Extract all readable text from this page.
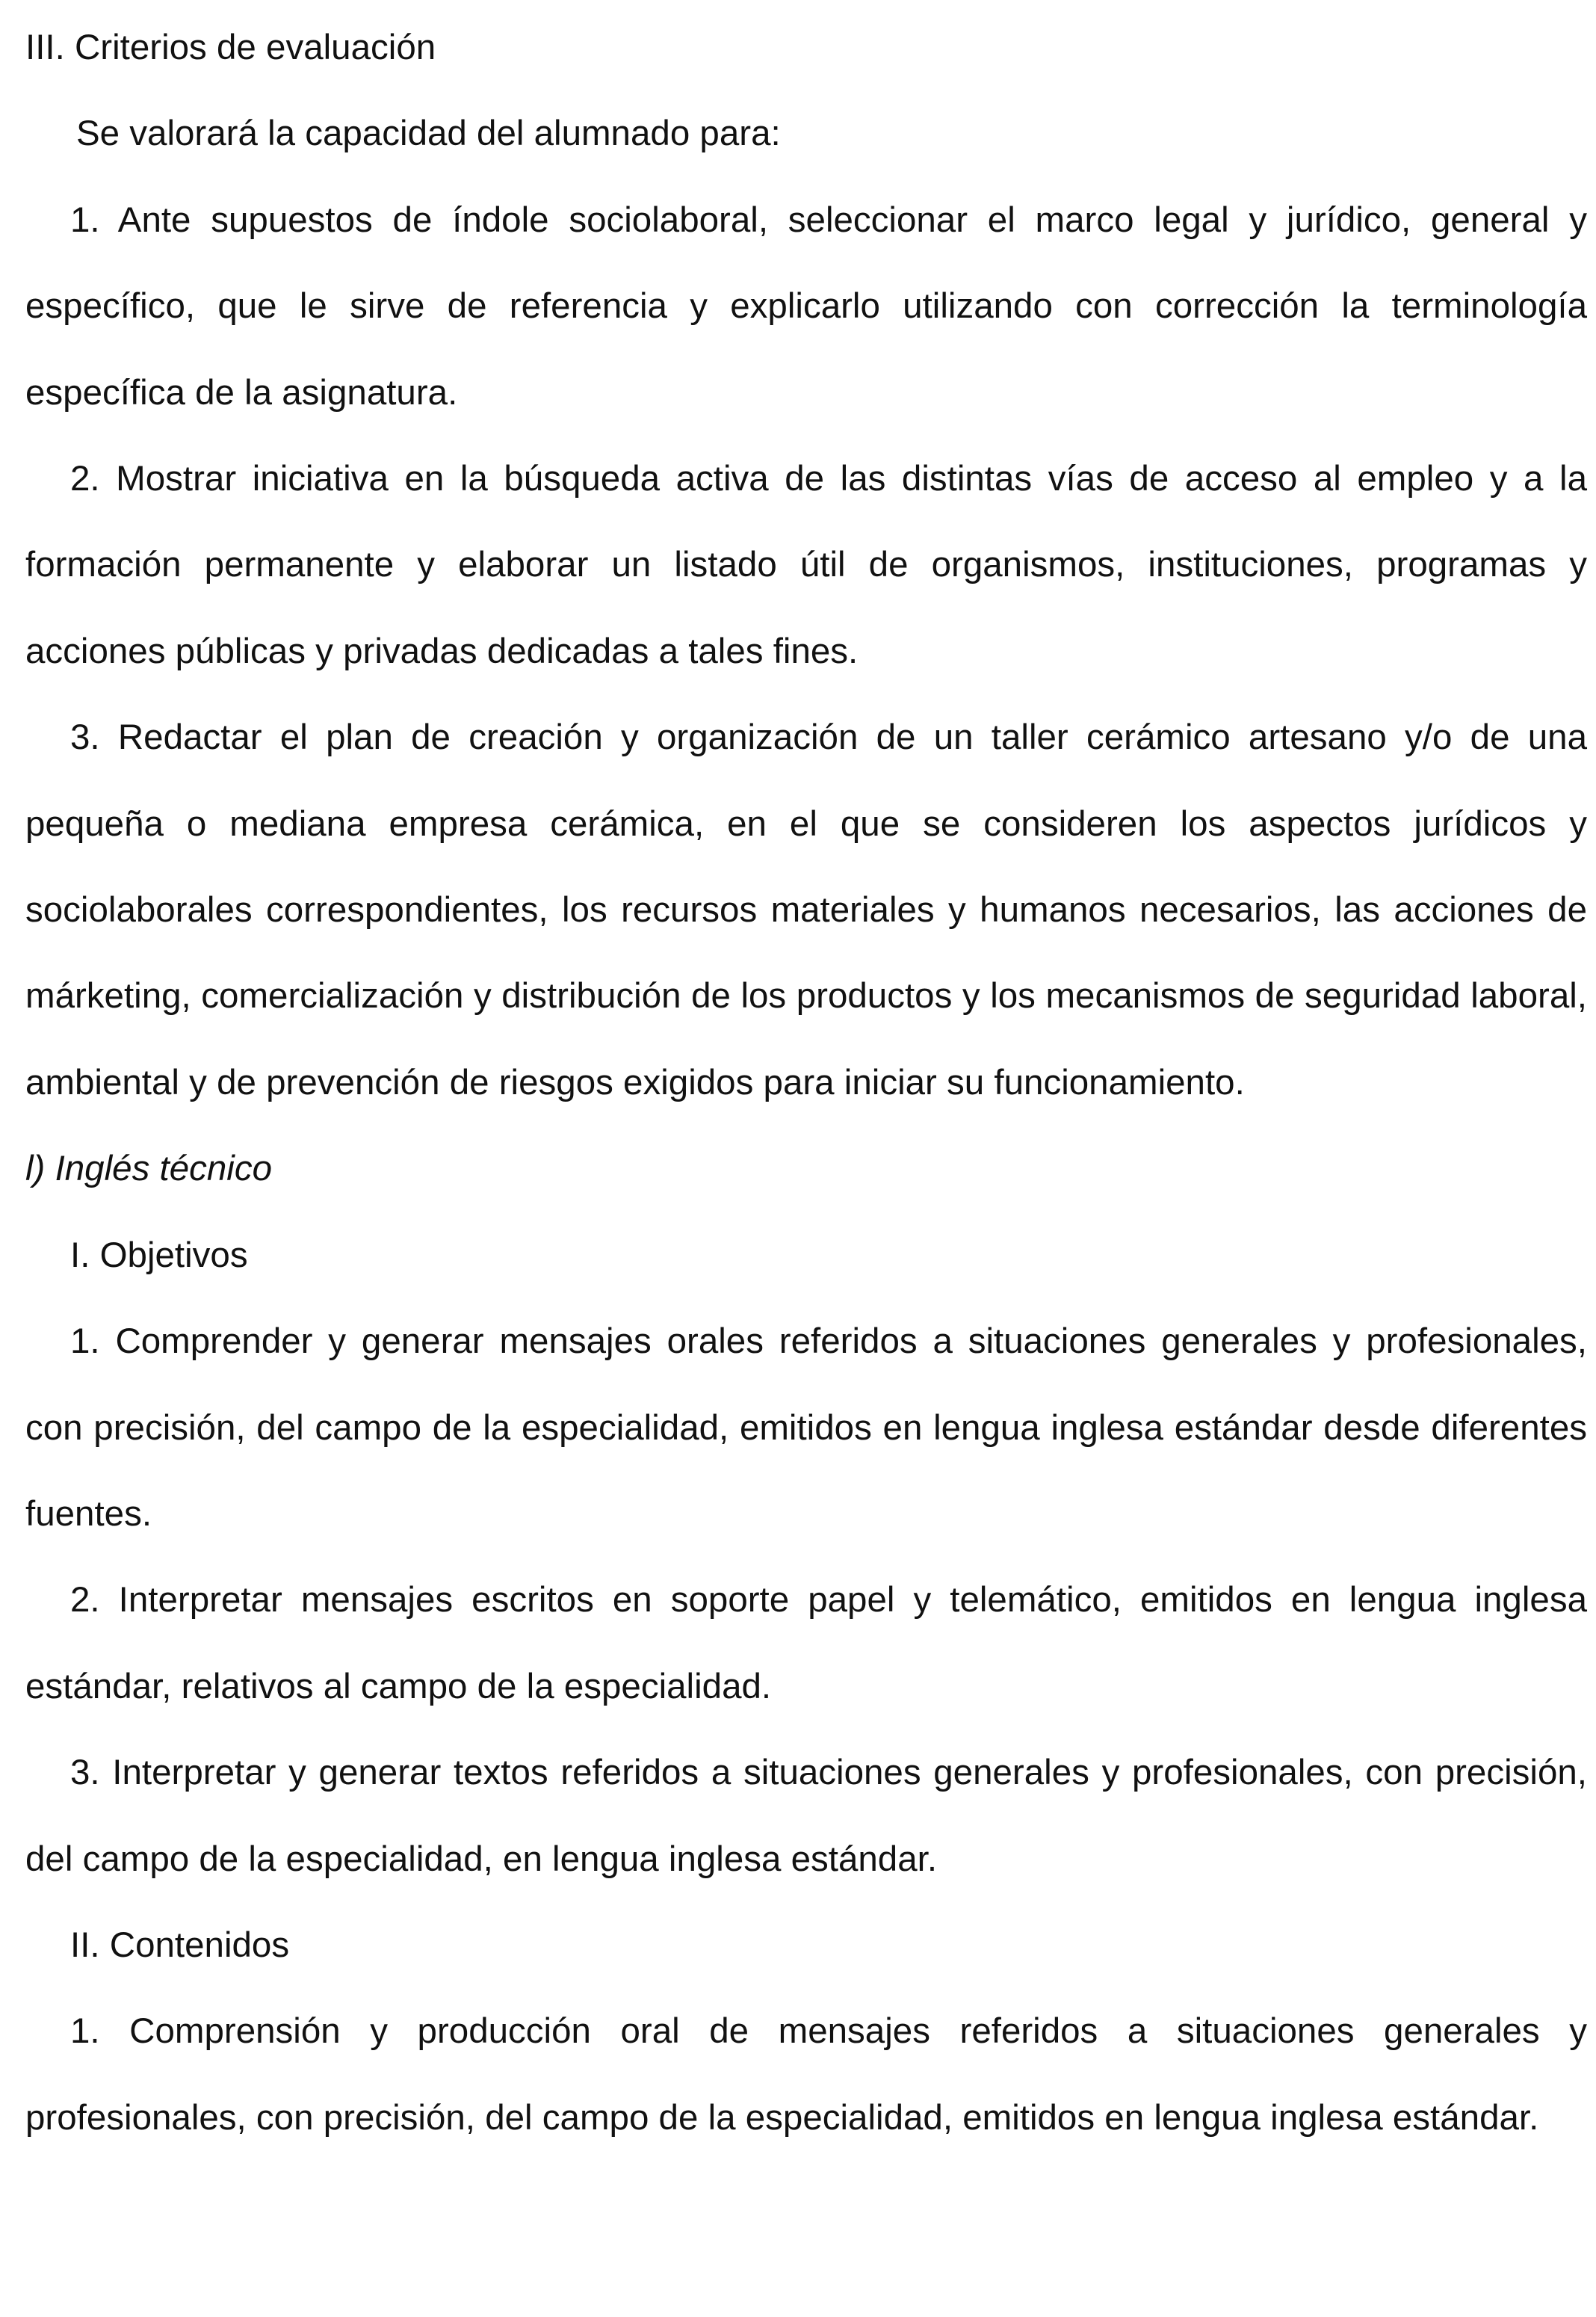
III. Criterios de evaluación

Se valorará la capacidad del alumnado para:

1. Ante supuestos de índole sociolaboral, seleccionar el marco legal y jurídico, general y específico, que le sirve de referencia y explicarlo utilizando con corrección la terminología específica de la asignatura.

2. Mostrar iniciativa en la búsqueda activa de las distintas vías de acceso al empleo y a la formación permanente y elaborar un listado útil de organismos, instituciones, programas y acciones públicas y privadas dedicadas a tales fines.

3. Redactar el plan de creación y organización de un taller cerámico artesano y/o de una pequeña o mediana empresa cerámica, en el que se consideren los aspectos jurídicos y sociolaborales correspondientes, los recursos materiales y humanos necesarios, las acciones de márketing, comercialización y distribución de los productos y los mecanismos de seguridad laboral, ambiental y de prevención de riesgos exigidos para iniciar su funcionamiento.

l) Inglés técnico

I. Objetivos

1. Comprender y generar mensajes orales referidos a situaciones generales y profesionales, con precisión, del campo de la especialidad, emitidos en lengua inglesa estándar desde diferentes fuentes.

2. Interpretar mensajes escritos en soporte papel y telemático, emitidos en lengua inglesa estándar, relativos al campo de la especialidad.

3. Interpretar y generar textos referidos a situaciones generales y profesionales, con precisión, del campo de la especialidad, en lengua inglesa estándar.

II. Contenidos

1. Comprensión y producción oral de mensajes referidos a situaciones generales y profesionales, con precisión, del campo de la especialidad, emitidos en lengua inglesa estándar.
